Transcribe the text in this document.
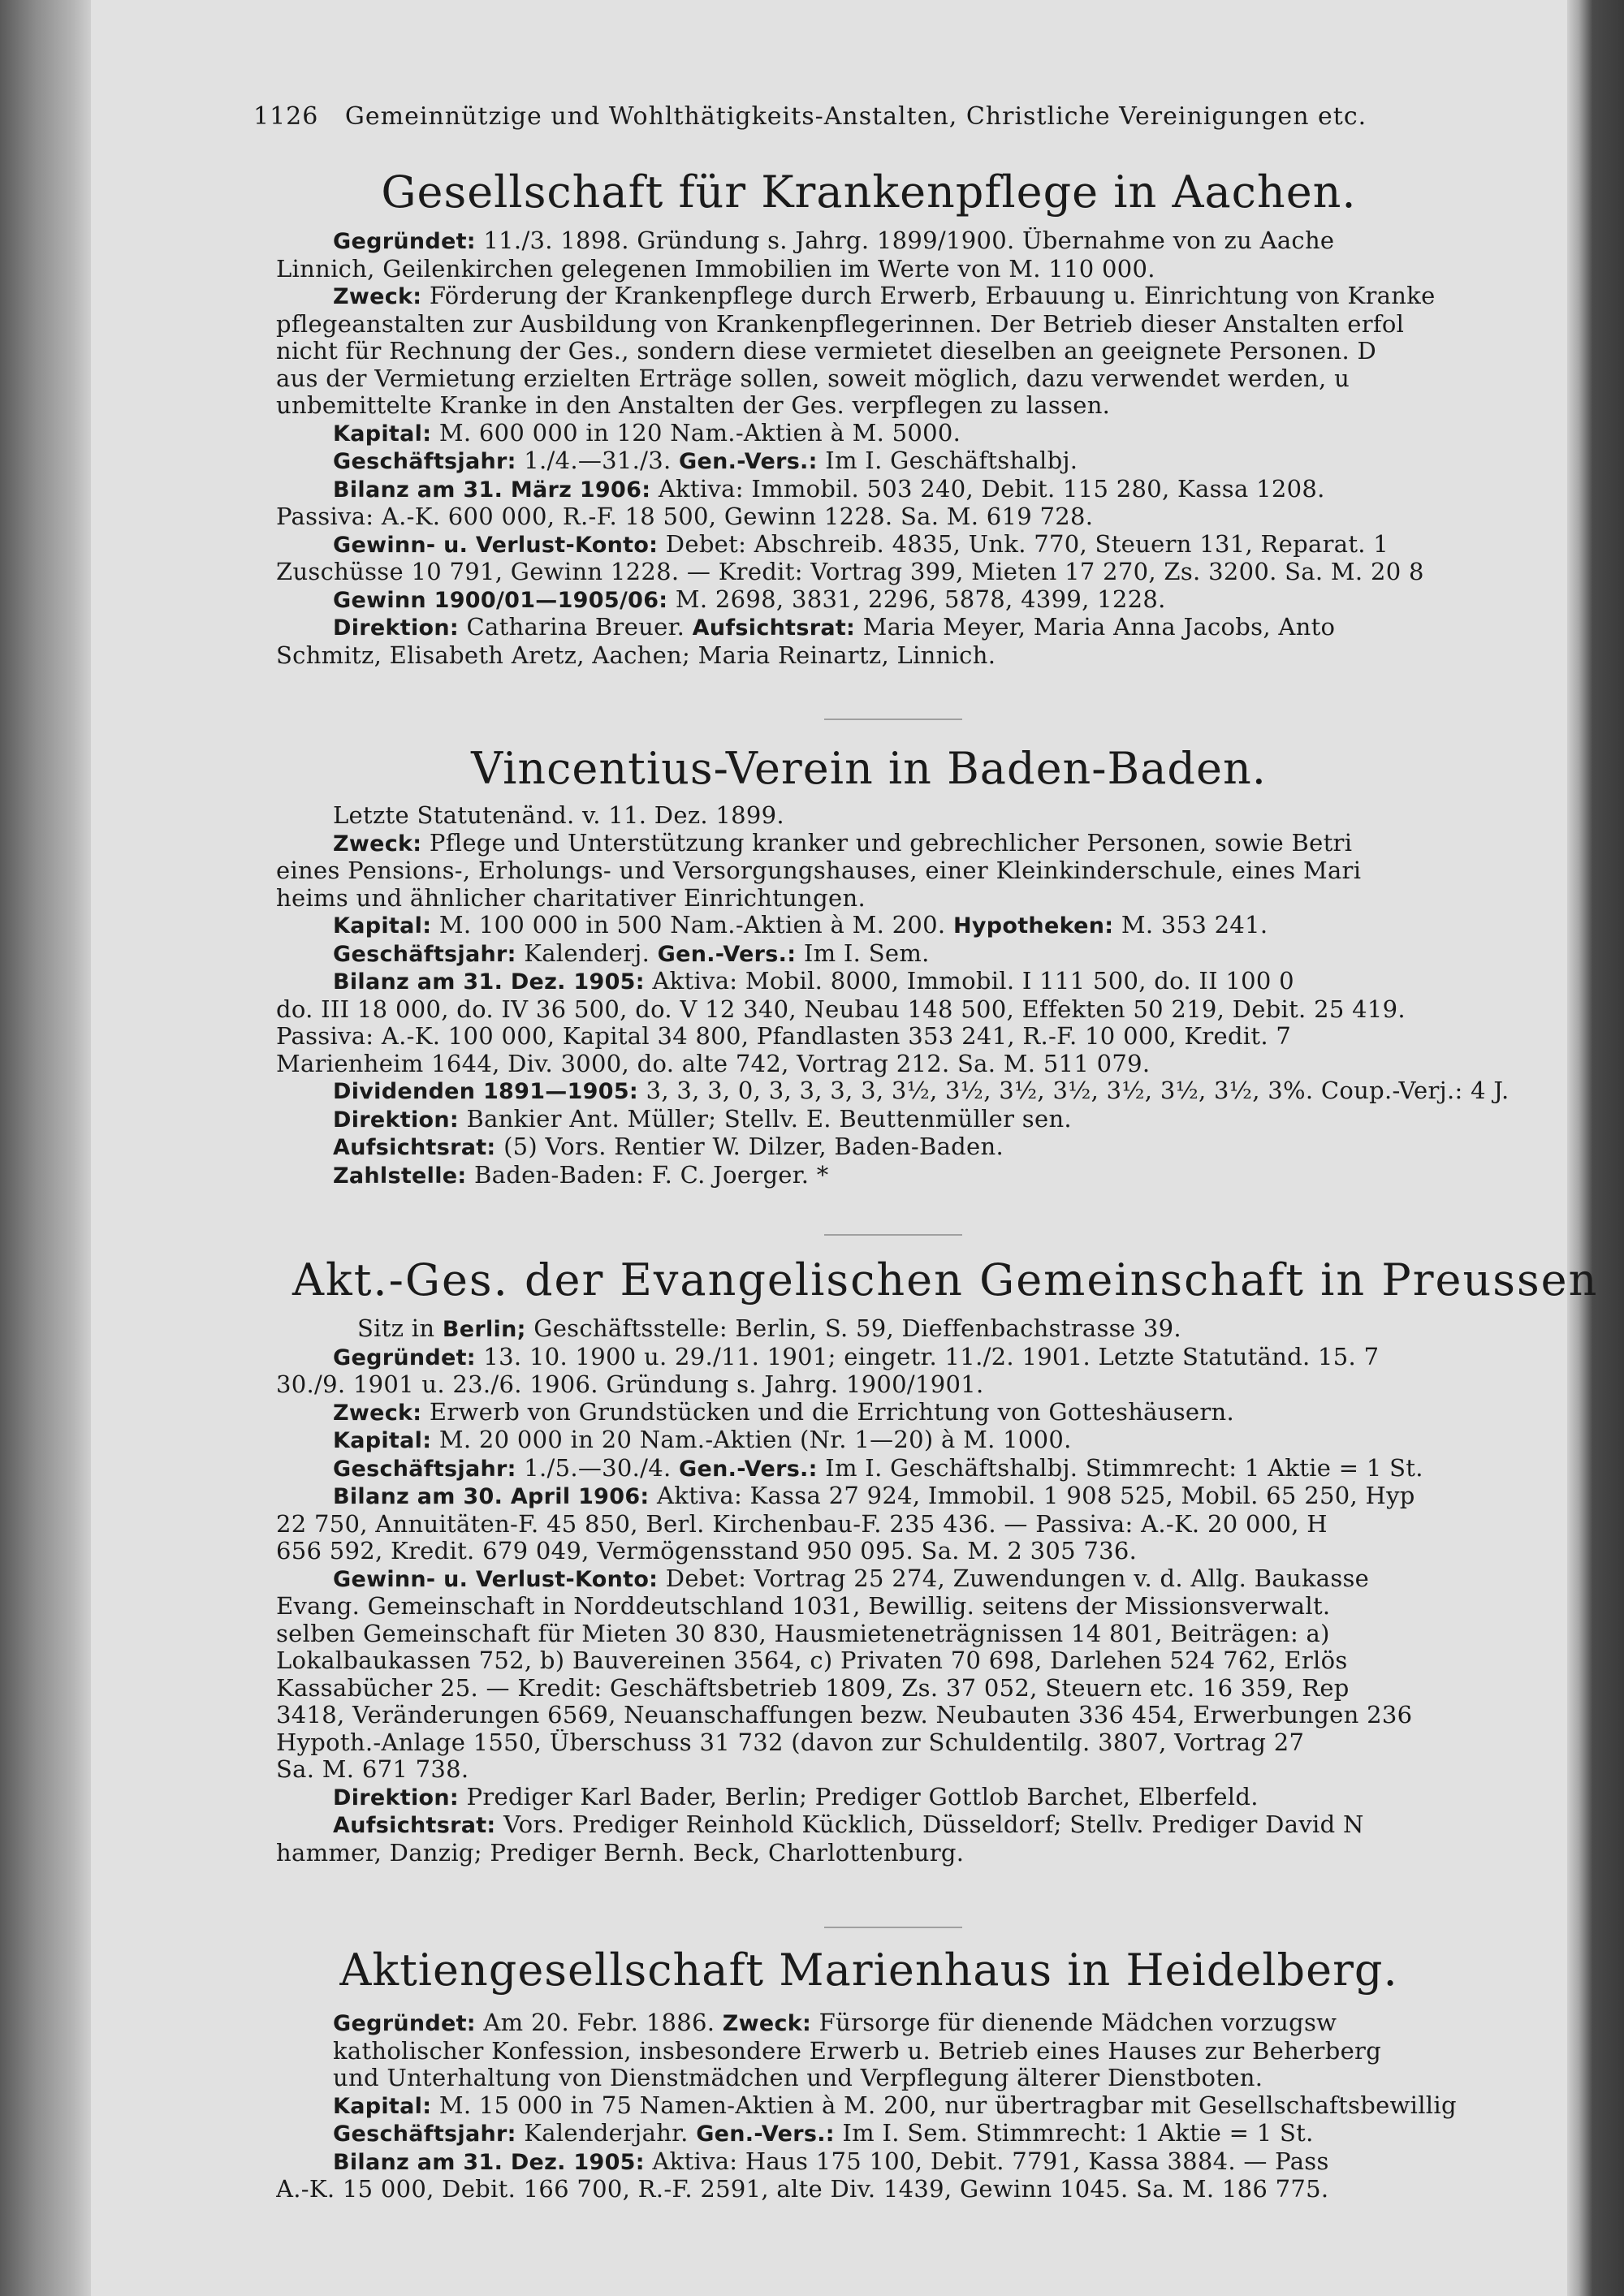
1126 Gemeinnützige und Wohlthätigkeits-Anstalten, Christliche Vereinigungen etc.
Gesellschaft für Krankenpflege in Aachen.
Gegründet: 11./3. 1898. Gründung s. Jahrg. 1899/1900. Übernahme von zu Aache
Linnich, Geilenkirchen gelegenen Immobilien im Werte von M. 110 000.
Zweck: Förderung der Krankenpflege durch Erwerb, Erbauung u. Einrichtung von Kranke
pflegeanstalten zur Ausbildung von Krankenpflegerinnen. Der Betrieb dieser Anstalten erfol
nicht für Rechnung der Ges., sondern diese vermietet dieselben an geeignete Personen. D
aus der Vermietung erzielten Erträge sollen, soweit möglich, dazu verwendet werden, u
unbemittelte Kranke in den Anstalten der Ges. verpflegen zu lassen.
Kapital: M. 600 000 in 120 Nam.-Aktien à M. 5000.
Geschäftsjahr: 1./4.—31./3. Gen.-Vers.: Im I. Geschäftshalbj.
Bilanz am 31. März 1906: Aktiva: Immobil. 503 240, Debit. 115 280, Kassa 1208.
Passiva: A.-K. 600 000, R.-F. 18 500, Gewinn 1228. Sa. M. 619 728.
Gewinn- u. Verlust-Konto: Debet: Abschreib. 4835, Unk. 770, Steuern 131, Reparat. 1
Zuschüsse 10 791, Gewinn 1228. — Kredit: Vortrag 399, Mieten 17 270, Zs. 3200. Sa. M. 20 8
Gewinn 1900/01—1905/06: M. 2698, 3831, 2296, 5878, 4399, 1228.
Direktion: Catharina Breuer. Aufsichtsrat: Maria Meyer, Maria Anna Jacobs, Anto
Schmitz, Elisabeth Aretz, Aachen; Maria Reinartz, Linnich.
Vincentius-Verein in Baden-Baden.
Letzte Statutenänd. v. 11. Dez. 1899.
Zweck: Pflege und Unterstützung kranker und gebrechlicher Personen, sowie Betri
eines Pensions-, Erholungs- und Versorgungshauses, einer Kleinkinderschule, eines Mari
heims und ähnlicher charitativer Einrichtungen.
Kapital: M. 100 000 in 500 Nam.-Aktien à M. 200. Hypotheken: M. 353 241.
Geschäftsjahr: Kalenderj. Gen.-Vers.: Im I. Sem.
Bilanz am 31. Dez. 1905: Aktiva: Mobil. 8000, Immobil. I 111 500, do. II 100 0
do. III 18 000, do. IV 36 500, do. V 12 340, Neubau 148 500, Effekten 50 219, Debit. 25 419.
Passiva: A.-K. 100 000, Kapital 34 800, Pfandlasten 353 241, R.-F. 10 000, Kredit. 7
Marienheim 1644, Div. 3000, do. alte 742, Vortrag 212. Sa. M. 511 079.
Dividenden 1891—1905: 3, 3, 3, 0, 3, 3, 3, 3, 3½, 3½, 3½, 3½, 3½, 3½, 3½, 3%. Coup.-Verj.: 4 J.
Direktion: Bankier Ant. Müller; Stellv. E. Beuttenmüller sen.
Aufsichtsrat: (5) Vors. Rentier W. Dilzer, Baden-Baden.
Zahlstelle: Baden-Baden: F. C. Joerger. *
Akt.-Ges. der Evangelischen Gemeinschaft in Preussen
Sitz in Berlin; Geschäftsstelle: Berlin, S. 59, Dieffenbachstrasse 39.
Gegründet: 13. 10. 1900 u. 29./11. 1901; eingetr. 11./2. 1901. Letzte Statutänd. 15. 7
30./9. 1901 u. 23./6. 1906. Gründung s. Jahrg. 1900/1901.
Zweck: Erwerb von Grundstücken und die Errichtung von Gotteshäusern.
Kapital: M. 20 000 in 20 Nam.-Aktien (Nr. 1—20) à M. 1000.
Geschäftsjahr: 1./5.—30./4. Gen.-Vers.: Im I. Geschäftshalbj. Stimmrecht: 1 Aktie = 1 St.
Bilanz am 30. April 1906: Aktiva: Kassa 27 924, Immobil. 1 908 525, Mobil. 65 250, Hyp
22 750, Annuitäten-F. 45 850, Berl. Kirchenbau-F. 235 436. — Passiva: A.-K. 20 000, H
656 592, Kredit. 679 049, Vermögensstand 950 095. Sa. M. 2 305 736.
Gewinn- u. Verlust-Konto: Debet: Vortrag 25 274, Zuwendungen v. d. Allg. Baukasse
Evang. Gemeinschaft in Norddeutschland 1031, Bewillig. seitens der Missionsverwalt.
selben Gemeinschaft für Mieten 30 830, Hausmieteneträgnissen 14 801, Beiträgen: a)
Lokalbaukassen 752, b) Bauvereinen 3564, c) Privaten 70 698, Darlehen 524 762, Erlös
Kassabücher 25. — Kredit: Geschäftsbetrieb 1809, Zs. 37 052, Steuern etc. 16 359, Rep
3418, Veränderungen 6569, Neuanschaffungen bezw. Neubauten 336 454, Erwerbungen 236
Hypoth.-Anlage 1550, Überschuss 31 732 (davon zur Schuldentilg. 3807, Vortrag 27
Sa. M. 671 738.
Direktion: Prediger Karl Bader, Berlin; Prediger Gottlob Barchet, Elberfeld.
Aufsichtsrat: Vors. Prediger Reinhold Kücklich, Düsseldorf; Stellv. Prediger David N
hammer, Danzig; Prediger Bernh. Beck, Charlottenburg.
Aktiengesellschaft Marienhaus in Heidelberg.
Gegründet: Am 20. Febr. 1886. Zweck: Fürsorge für dienende Mädchen vorzugsw
katholischer Konfession, insbesondere Erwerb u. Betrieb eines Hauses zur Beherberg
und Unterhaltung von Dienstmädchen und Verpflegung älterer Dienstboten.
Kapital: M. 15 000 in 75 Namen-Aktien à M. 200, nur übertragbar mit Gesellschaftsbewillig
Geschäftsjahr: Kalenderjahr. Gen.-Vers.: Im I. Sem. Stimmrecht: 1 Aktie = 1 St.
Bilanz am 31. Dez. 1905: Aktiva: Haus 175 100, Debit. 7791, Kassa 3884. — Pass
A.-K. 15 000, Debit. 166 700, R.-F. 2591, alte Div. 1439, Gewinn 1045. Sa. M. 186 775.
